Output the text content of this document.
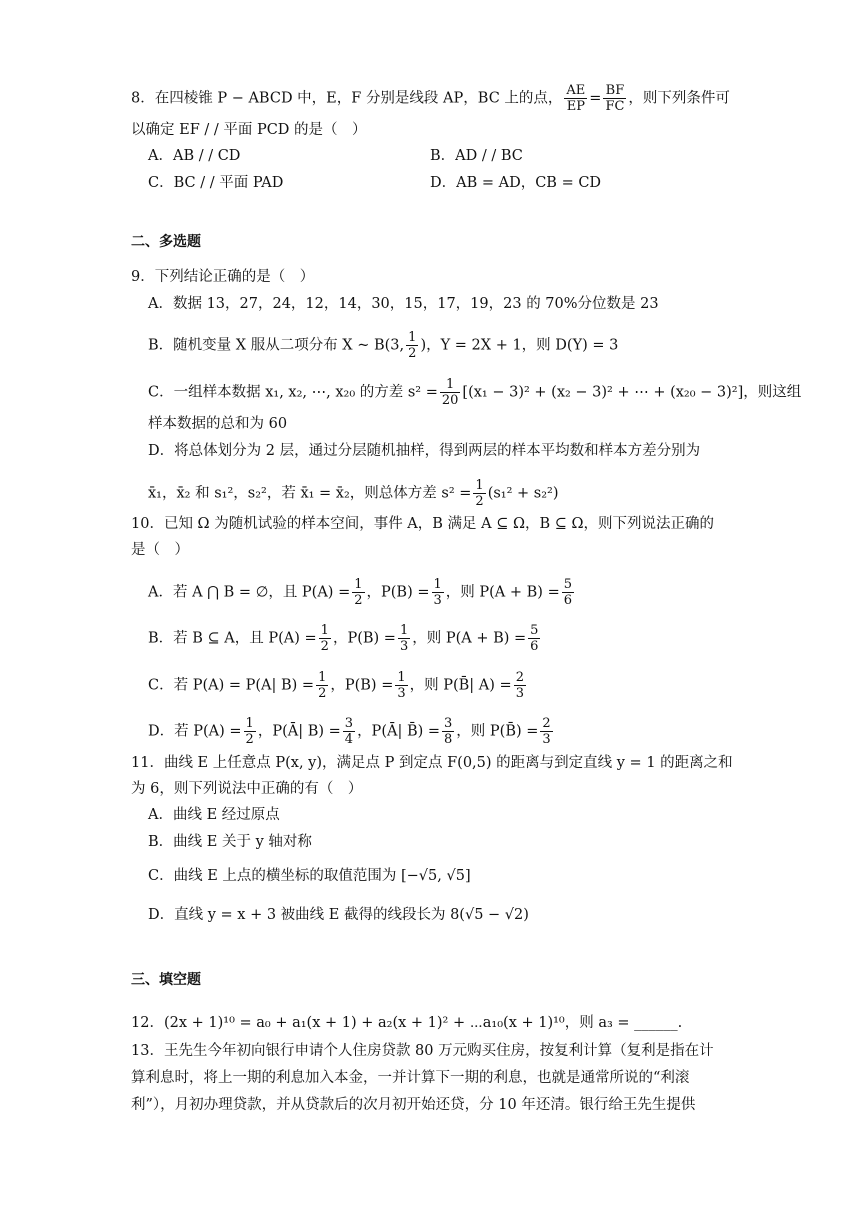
8．在四棱锥 P − ABCD 中，E，F 分别是线段 AP，BC 上的点， $\frac{AE}{EP} = \frac{BF}{FC}$ ，则下列条件可
以确定 EF / / 平面 PCD 的是（　）
A．AB / / CD	B．AD / / BC
C．BC / / 平面 PAD	D．AB = AD，CB = CD
二、多选题
9．下列结论正确的是（　）
A．数据 13，27，24，12，14，30，15，17，19，23 的 70%分位数是 23
B．随机变量 X 服从二项分布 X ~ B(3, $\frac{1}{2}$ )，Y = 2X + 1，则 D(Y) = 3
C．一组样本数据 x₁, x₂, ⋯, x₂₀ 的方差 $s^2 = \frac{1}{20} [(x_1 - 3)^2 + (x_2 - 3)^2$ + ⋯ + (x₂₀ − 3)²]，则这组
样本数据的总和为 60
D．将总体划分为 2 层，通过分层随机抽样，得到两层的样本平均数和样本方差分别为
x̄₁，x̄₂ 和 s₁²，s₂²，若 x̄₁ = x̄₂，则总体方差 $s^2 = \frac{1}{2} (s_1^2 + s_2^2)$
10．已知 Ω 为随机试验的样本空间，事件 A，B 满足 A ⊆ Ω，B ⊆ Ω，则下列说法正确的
是（　）
A．若 A ⋂ B = ∅，且 $P(A) = \frac{1}{2}$ ，$P(B) = \frac{1}{3}$ ，则 $P(A + B) = \frac{5}{6}$
B．若 B ⊆ A，且 $P(A) = \frac{1}{2}$ ，$P(B) = \frac{1}{3}$ ，则 $P(A + B) = \frac{5}{6}$
C．若 P(A) = P(A| $B) = \frac{1}{2}$ ，$P(B) = \frac{1}{3}$ ，则 P(B̄| $A) = \frac{2}{3}$
D．若 $P(A) = \frac{1}{2}$ ，P(Ā| $B) = \frac{3}{4}$ ，P(Ā| B̄) = $\frac{3}{8}$ ，则 P(B̄) = $\frac{2}{3}$
11．曲线 E 上任意点 P(x, y)，满足点 P 到定点 F(0,5) 的距离与到定直线 y = 1 的距离之和
为 6，则下列说法中正确的有（　）
A．曲线 E 经过原点
B．曲线 E 关于 y 轴对称
C．曲线 E 上点的横坐标的取值范围为 [−√5, √5]
D．直线 y = x + 3 被曲线 E 截得的线段长为 8(√5 − √2)
三、填空题
12．(2x + 1)¹⁰ = a₀ + a₁(x + 1) + a₂(x + 1)² + ⋯a₁₀(x + 1)¹⁰，则 a₃ = ______.
13．王先生今年初向银行申请个人住房贷款 80 万元购买住房，按复利计算（复利是指在计
算利息时，将上一期的利息加入本金，一并计算下一期的利息，也就是通常所说的“利滚
利”），月初办理贷款，并从贷款后的次月初开始还贷，分 10 年还清。银行给王先生提供
